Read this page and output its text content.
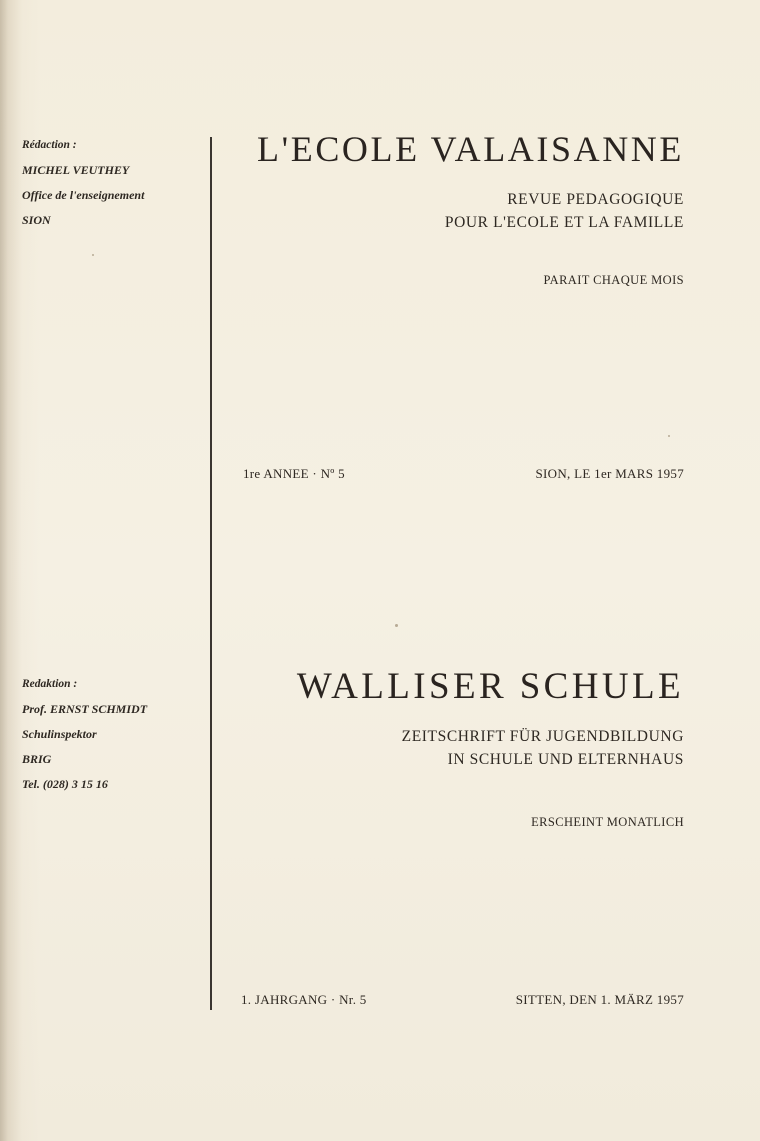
Rédaction :
MICHEL VEUTHEY
Office de l'enseignement
SION
Redaktion :
Prof. ERNST SCHMIDT
Schulinspektor
BRIG
Tel. (028) 3 15 16
L'ECOLE VALAISANNE
REVUE PEDAGOGIQUE
POUR L'ECOLE ET LA FAMILLE
PARAIT CHAQUE MOIS
1re ANNEE · Nº 5	SION, LE 1er MARS 1957
WALLISER SCHULE
ZEITSCHRIFT FÜR JUGENDBILDUNG
IN SCHULE UND ELTERNHAUS
ERSCHEINT MONATLICH
1. JAHRGANG · Nr. 5	SITTEN, DEN 1. MÄRZ 1957
